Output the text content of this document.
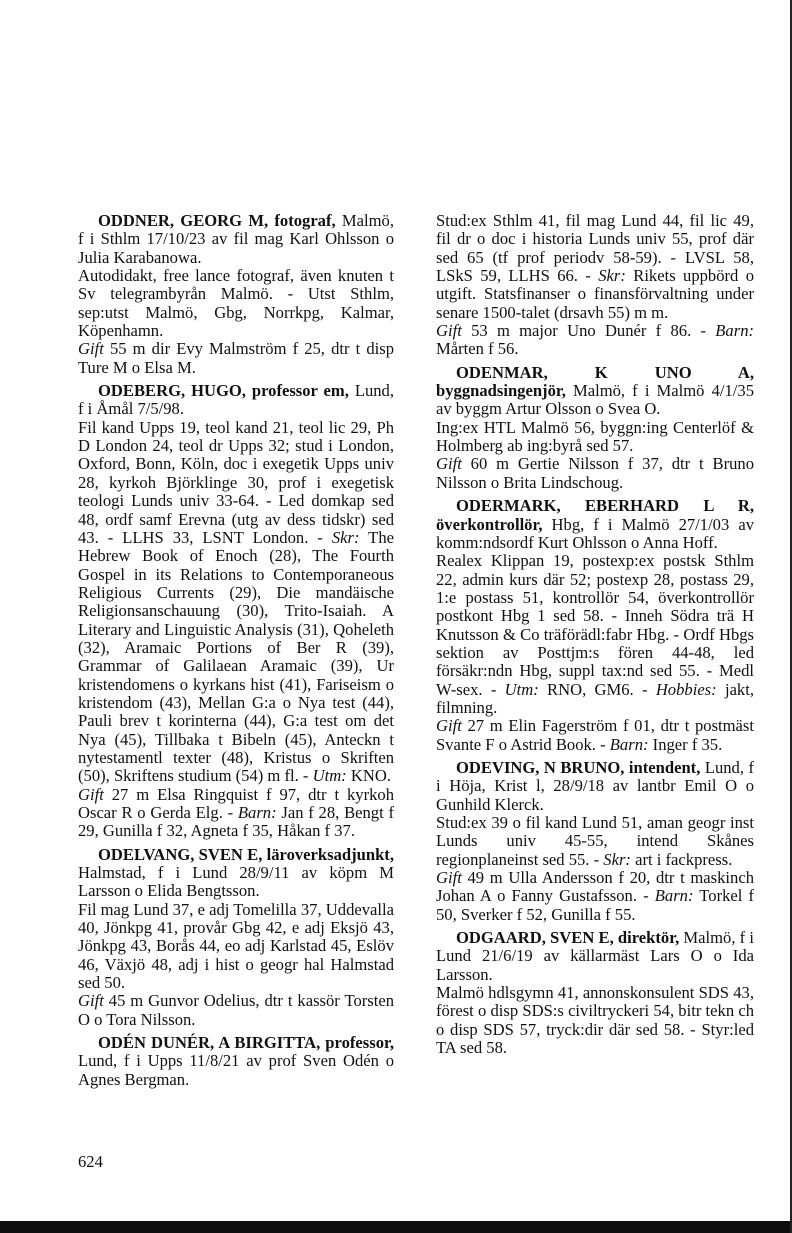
ODDNER, GEORG M, fotograf, Malmö, f i Sthlm 17/10/23 av fil mag Karl Ohlsson o Julia Karabanowa.

Autodidakt, free lance fotograf, även knuten t Sv telegrambyrån Malmö. - Utst Sthlm, sep:utst Malmö, Gbg, Norrkpg, Kalmar, Köpenhamn.

Gift 55 m dir Evy Malmström f 25, dtr t disp Ture M o Elsa M.

ODEBERG, HUGO, professor em, Lund, f i Åmål 7/5/98.

Fil kand Upps 19, teol kand 21, teol lic 29, Ph D London 24, teol dr Upps 32; stud i London, Oxford, Bonn, Köln, doc i exegetik Upps univ 28, kyrkoh Björklinge 30, prof i exegetisk teologi Lunds univ 33-64. - Led domkap sed 48, ordf samf Erevna (utg av dess tidskr) sed 43. - LLHS 33, LSNT London. - Skr: The Hebrew Book of Enoch (28), The Fourth Gospel in its Relations to Contemporaneous Religious Currents (29), Die mandäische Religionsanschauung (30), Trito-Isaiah. A Literary and Linguistic Analysis (31), Qoheleth (32), Aramaic Portions of Ber R (39), Grammar of Galilaean Aramaic (39), Ur kristendomens o kyrkans hist (41), Fariseism o kristendom (43), Mellan G:a o Nya test (44), Pauli brev t korinterna (44), G:a test om det Nya (45), Tillbaka t Bibeln (45), Anteckn t nytestamentl texter (48), Kristus o Skriften (50), Skriftens studium (54) m fl. - Utm: KNO.

Gift 27 m Elsa Ringquist f 97, dtr t kyrkoh Oscar R o Gerda Elg. - Barn: Jan f 28, Bengt f 29, Gunilla f 32, Agneta f 35, Håkan f 37.

ODELVANG, SVEN E, läroverksadjunkt, Halmstad, f i Lund 28/9/11 av köpm M Larsson o Elida Bengtsson.

Fil mag Lund 37, e adj Tomelilla 37, Uddevalla 40, Jönkpg 41, provår Gbg 42, e adj Eksjö 43, Jönkpg 43, Borås 44, eo adj Karlstad 45, Eslöv 46, Växjö 48, adj i hist o geogr hal Halmstad sed 50.

Gift 45 m Gunvor Odelius, dtr t kassör Torsten O o Tora Nilsson.

ODÉN DUNÉR, A BIRGITTA, professor, Lund, f i Upps 11/8/21 av prof Sven Odén o Agnes Bergman.

Stud:ex Sthlm 41, fil mag Lund 44, fil lic 49, fil dr o doc i historia Lunds univ 55, prof där sed 65 (tf prof periodv 58-59). - LVSL 58, LSkS 59, LLHS 66. - Skr: Rikets uppbörd o utgift. Statsfinanser o finansförvaltning under senare 1500-talet (drsavh 55) m m.

Gift 53 m major Uno Dunér f 86. - Barn: Mårten f 56.

ODENMAR, K UNO A, byggnadsingenjör, Malmö, f i Malmö 4/1/35 av byggm Artur Olsson o Svea O.

Ing:ex HTL Malmö 56, byggn:ing Centerlöf & Holmberg ab ing:byrå sed 57.

Gift 60 m Gertie Nilsson f 37, dtr t Bruno Nilsson o Brita Lindschoug.

ODERMARK, EBERHARD L R, överkontrollör, Hbg, f i Malmö 27/1/03 av komm:ndsordf Kurt Ohlsson o Anna Hoff.

Realex Klippan 19, postexp:ex postsk Sthlm 22, admin kurs där 52; postexp 28, postass 29, 1:e postass 51, kontrollör 54, överkontrollör postkont Hbg 1 sed 58. - Inneh Södra trä H Knutsson & Co träförädl:fabr Hbg. - Ordf Hbgs sektion av Posttjm:s fören 44-48, led försäkr:ndn Hbg, suppl tax:nd sed 55. - Medl W-sex. - Utm: RNO, GM6. - Hobbies: jakt, filmning.

Gift 27 m Elin Fagerström f 01, dtr t postmäst Svante F o Astrid Book. - Barn: Inger f 35.

ODEVING, N BRUNO, intendent, Lund, f i Höja, Krist l, 28/9/18 av lantbr Emil O o Gunhild Klerck.

Stud:ex 39 o fil kand Lund 51, aman geogr inst Lunds univ 45-55, intend Skånes regionplaneinst sed 55. - Skr: art i fackpress.

Gift 49 m Ulla Andersson f 20, dtr t maskinch Johan A o Fanny Gustafsson. - Barn: Torkel f 50, Sverker f 52, Gunilla f 55.

ODGAARD, SVEN E, direktör, Malmö, f i Lund 21/6/19 av källarmäst Lars O o Ida Larsson.

Malmö hdlsgymn 41, annonskonsulent SDS 43, förest o disp SDS:s civiltryckeri 54, bitr tekn ch o disp SDS 57, tryck:dir där sed 58. - Styr:led TA sed 58.

624
